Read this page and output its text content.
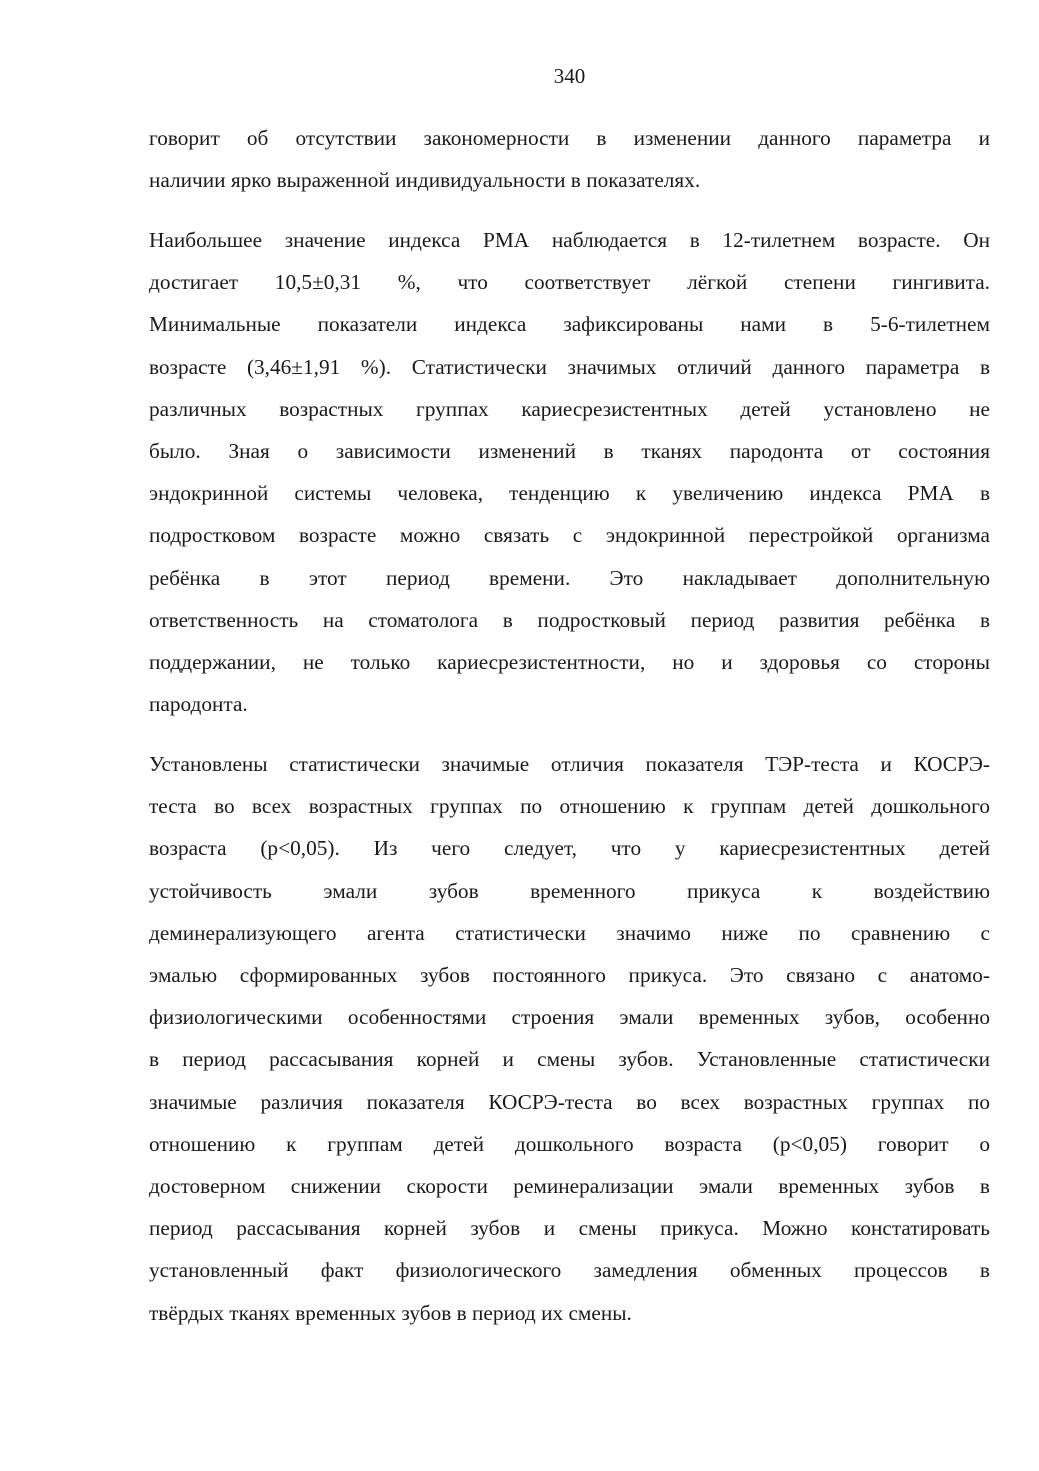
340
говорит об отсутствии закономерности в изменении данного параметра и
наличии ярко выраженной индивидуальности в показателях.
Наибольшее значение индекса РМА наблюдается в 12-тилетнем возрасте. Он
достигает 10,5±0,31 %, что соответствует лёгкой степени гингивита.
Минимальные показатели индекса зафиксированы нами в 5-6-тилетнем
возрасте (3,46±1,91 %). Статистически значимых отличий данного параметра в
различных возрастных группах кариесрезистентных детей установлено не
было. Зная о зависимости изменений в тканях пародонта от состояния
эндокринной системы человека, тенденцию к увеличению индекса РМА в
подростковом возрасте можно связать с эндокринной перестройкой организма
ребёнка в этот период времени. Это накладывает дополнительную
ответственность на стоматолога в подростковый период развития ребёнка в
поддержании, не только кариесрезистентности, но и здоровья со стороны
пародонта.
Установлены статистически значимые отличия показателя ТЭР-теста и КОСРЭ-
теста во всех возрастных группах по отношению к группам детей дошкольного
возраста (p<0,05). Из чего следует, что у кариесрезистентных детей
устойчивость эмали зубов временного прикуса к воздействию
деминерализующего агента статистически значимо ниже по сравнению с
эмалью сформированных зубов постоянного прикуса. Это связано с анатомо-
физиологическими особенностями строения эмали временных зубов, особенно
в период рассасывания корней и смены зубов. Установленные статистически
значимые различия показателя КОСРЭ-теста во всех возрастных группах по
отношению к группам детей дошкольного возраста (p<0,05) говорит о
достоверном снижении скорости реминерализации эмали временных зубов в
период рассасывания корней зубов и смены прикуса. Можно констатировать
установленный факт физиологического замедления обменных процессов в
твёрдых тканях временных зубов в период их смены.
